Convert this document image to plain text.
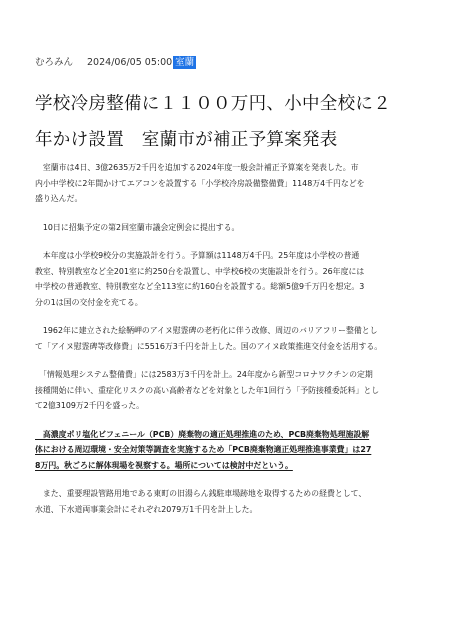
むろみん 2024/06/05 05:00 室蘭
学校冷房整備に１１００万円、小中全校に２
年かけ設置　室蘭市が補正予算案発表

　室蘭市は4日、3億2635万2千円を追加する2024年度一般会計補正予算案を発表した。市
内小中学校に2年間かけてエアコンを設置する「小学校冷房設備整備費」1148万4千円などを
盛り込んだ。

　10日に招集予定の第2回室蘭市議会定例会に提出する。

　本年度は小学校9校分の実施設計を行う。予算額は1148万4千円。25年度は小学校の普通
教室、特別教室など全201室に約250台を設置し、中学校6校の実施設計を行う。26年度には
中学校の普通教室、特別教室など全113室に約160台を設置する。総額5億9千万円を想定。3
分の1は国の交付金を充てる。

　1962年に建立された絵鞆岬のアイヌ慰霊碑の老朽化に伴う改修、周辺のバリアフリー整備とし
て「アイヌ慰霊碑等改修費」に5516万3千円を計上した。国のアイヌ政策推進交付金を活用する。

　「情報処理システム整備費」には2583万3千円を計上。24年度から新型コロナワクチンの定期
接種開始に伴い、重症化リスクの高い高齢者などを対象とした年1回行う「予防接種委託料」とし
て2億3109万2千円を盛った。

　高濃度ポリ塩化ビフェニール（PCB）廃棄物の適正処理推進のため、PCB廃棄物処理施設解
体における周辺環境・安全対策等調査を実施するため「PCB廃棄物適正処理推進事業費」は27
8万円。秋ごろに解体現場を視察する。場所については検討中だという。

　また、重要理設管路用地である東町の旧湯らん銭駐車場跡地を取得するための経費として、
水道、下水道両事業会計にそれぞれ2079万1千円を計上した。
